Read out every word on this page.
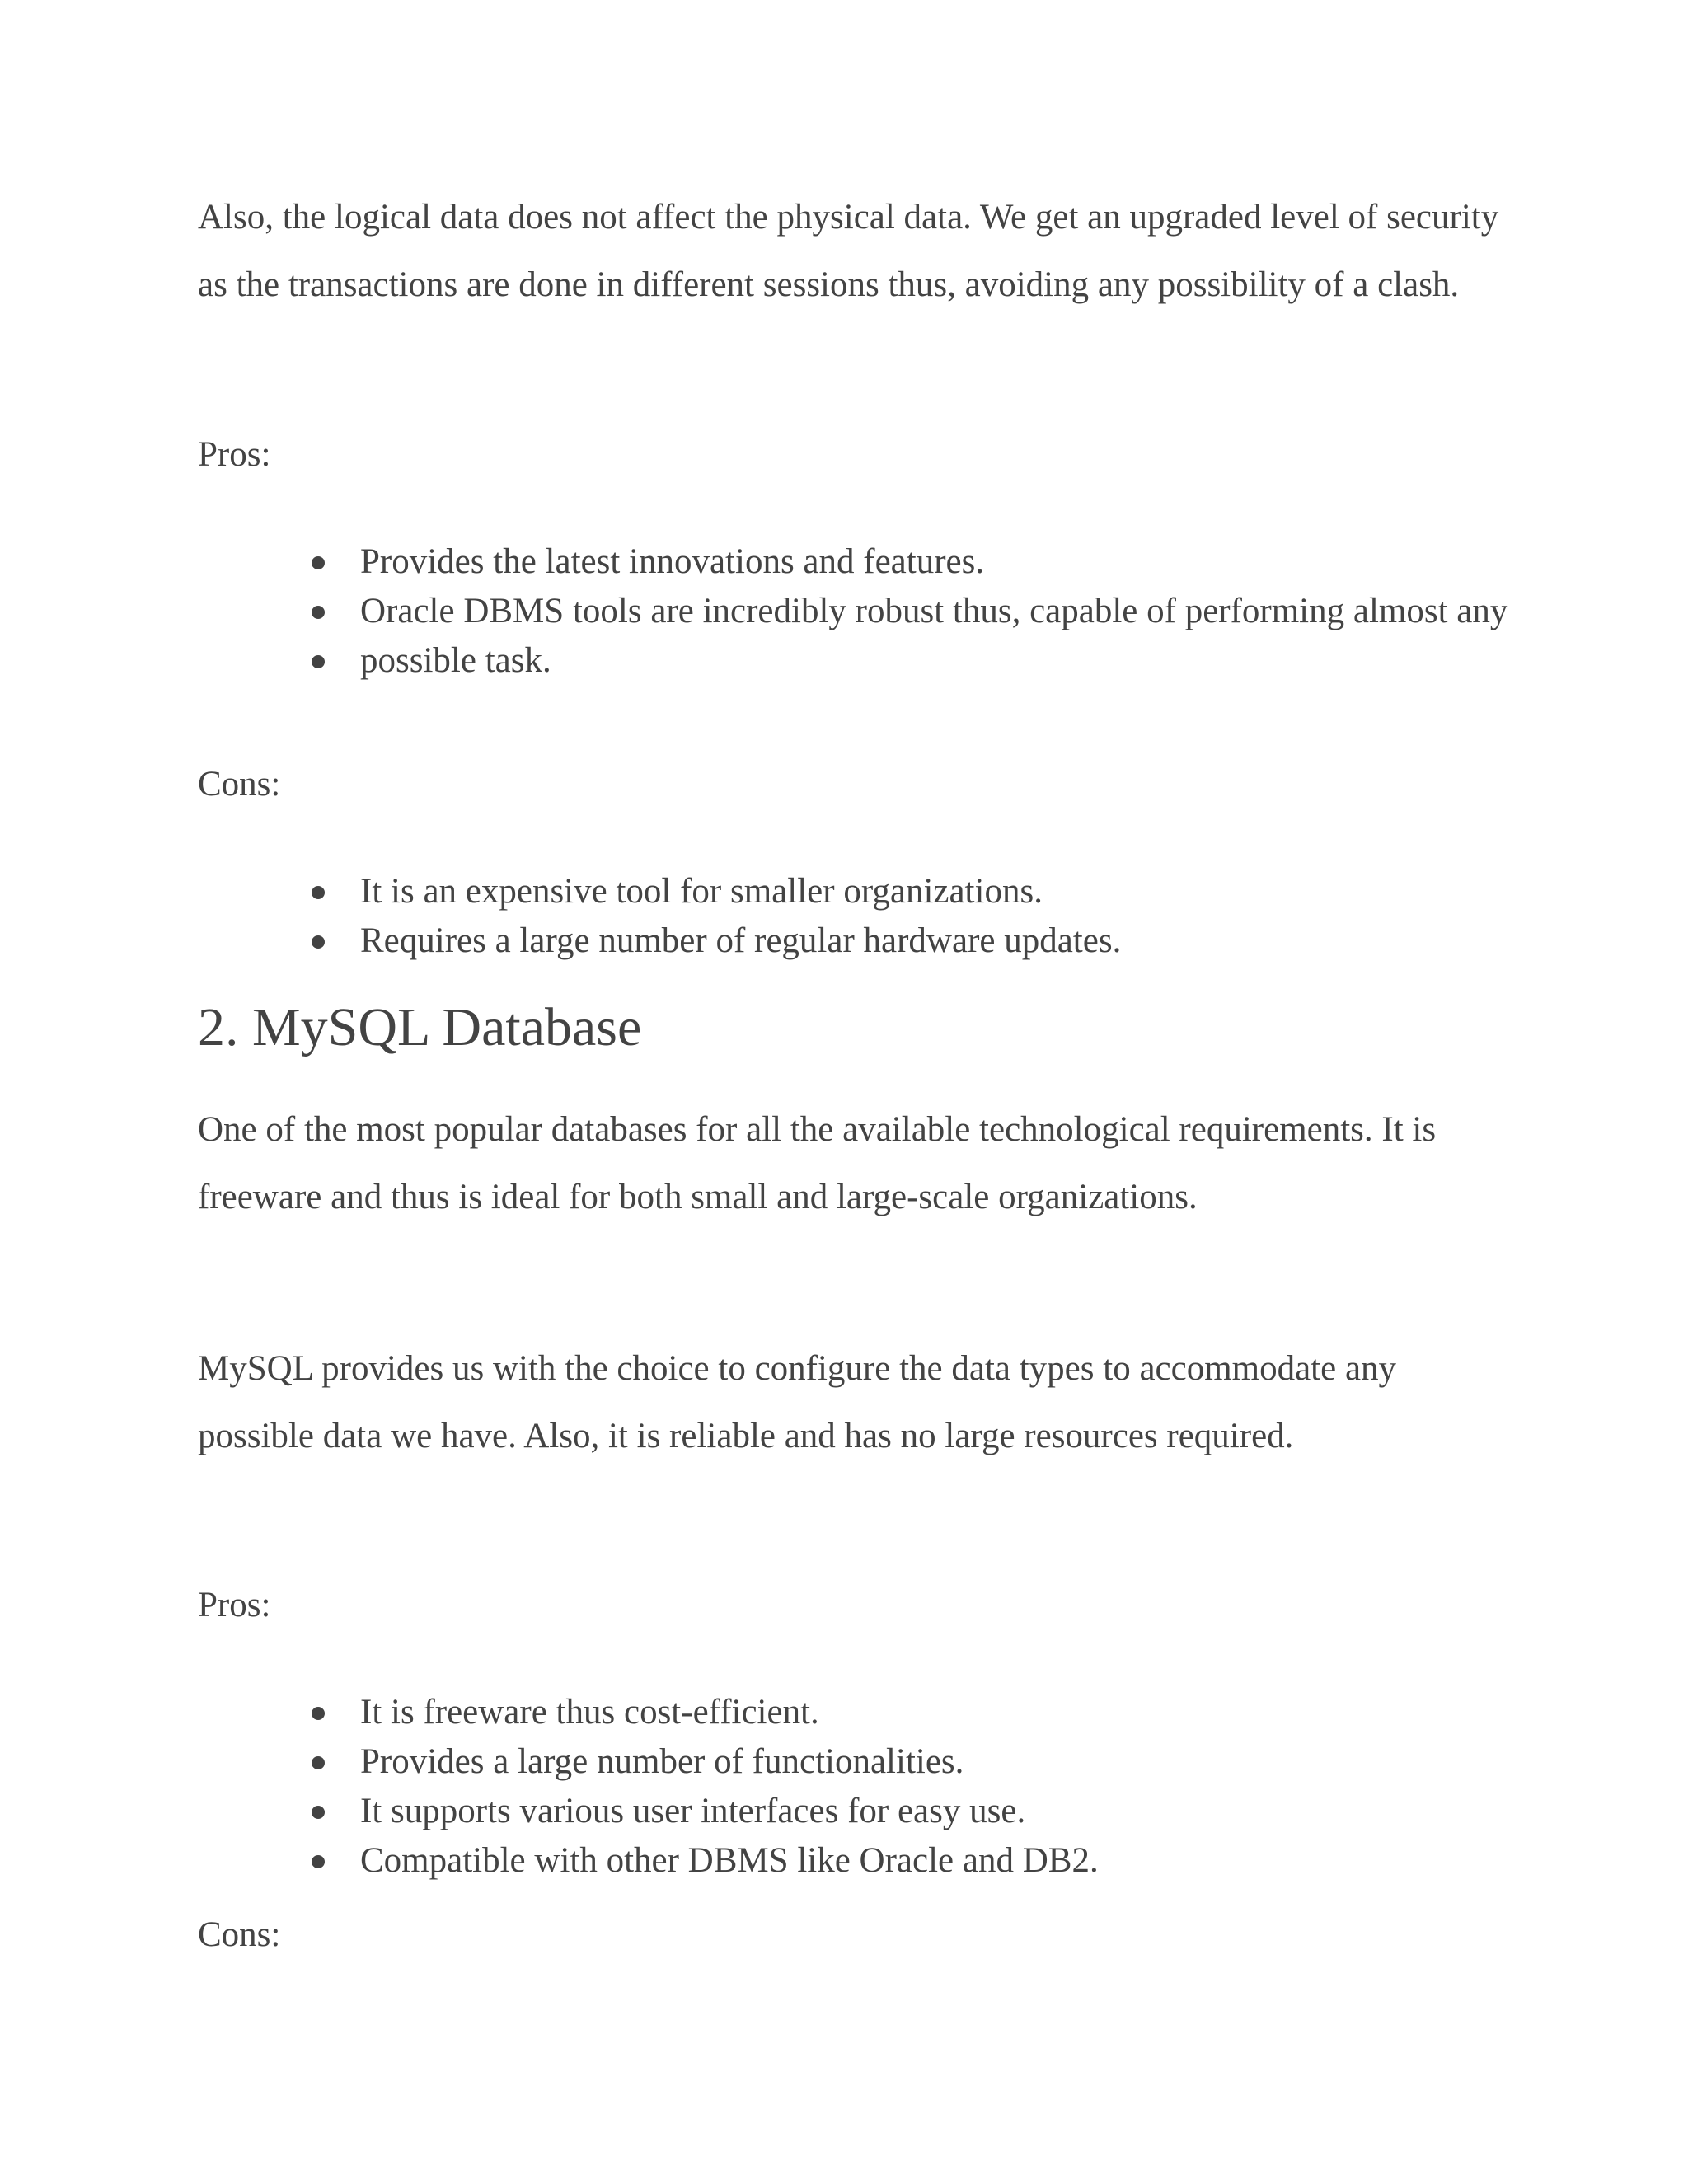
Also, the logical data does not affect the physical data. We get an upgraded level of security as the transactions are done in different sessions thus, avoiding any possibility of a clash.

Pros:

Provides the latest innovations and features.
Oracle DBMS tools are incredibly robust thus, capable of performing almost any
possible task.

Cons:

It is an expensive tool for smaller organizations.
Requires a large number of regular hardware updates.
2. MySQL Database

One of the most popular databases for all the available technological requirements. It is freeware and thus is ideal for both small and large-scale organizations.

MySQL provides us with the choice to configure the data types to accommodate any possible data we have. Also, it is reliable and has no large resources required.

Pros:

It is freeware thus cost-efficient.
Provides a large number of functionalities.
It supports various user interfaces for easy use.
Compatible with other DBMS like Oracle and DB2.

Cons:
